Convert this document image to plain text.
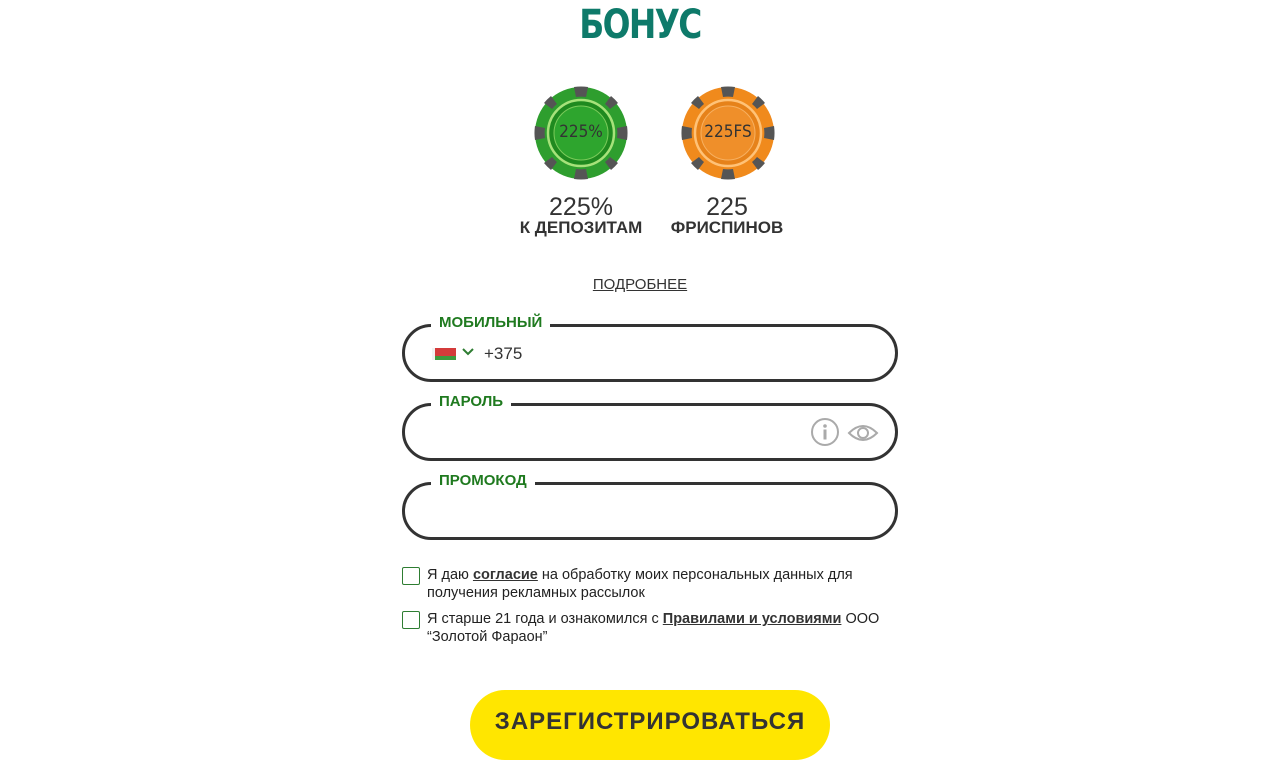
БОНУС
225%	225FS
225%
К ДЕПОЗИТАМ
225
ФРИСПИНОВ
ПОДРОБНЕЕ
МОБИЛЬНЫЙ
+375
ПАРОЛЬ
ПРОМОКОД
Я даю согласие на обработку моих персональных данных для получения рекламных рассылок
Я старше 21 года и ознакомился с Правилами и условиями ООО “Золотой Фараон”
ЗАРЕГИСТРИРОВАТЬСЯ
